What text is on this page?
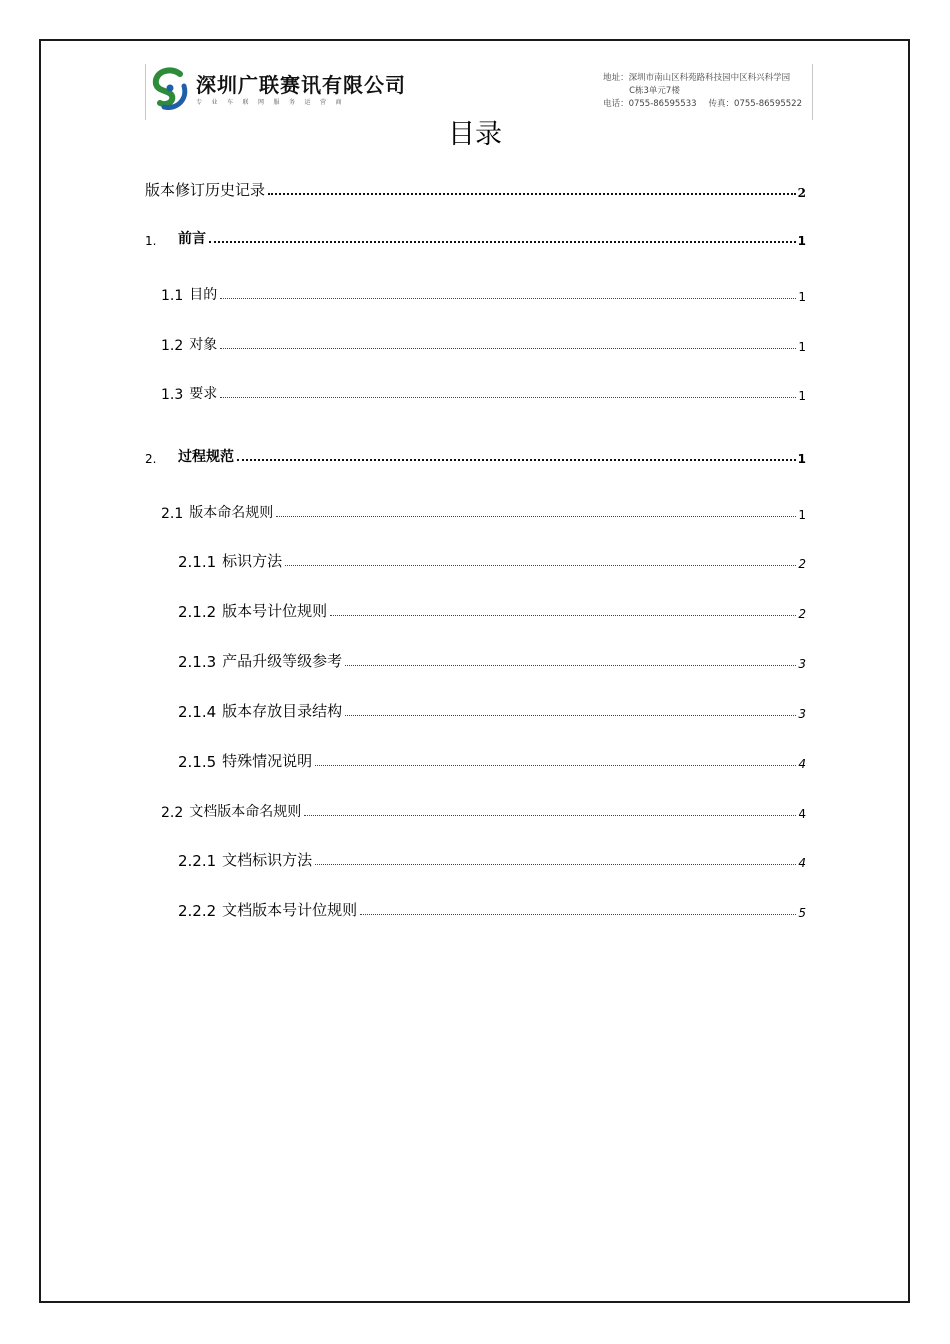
深圳广联赛讯有限公司
专业车联网服务运营商
地址：深圳市南山区科苑路科技园中区科兴科学园
C栋3单元7楼
电话：0755-86595533 传真：0755-86595522
目录
版本修订历史记录	2
1.	前言	1
1.1 目的	1
1.2 对象	1
1.3 要求	1
2.	过程规范	1
2.1 版本命名规则	1
2.1.1 标识方法	2
2.1.2 版本号计位规则	2
2.1.3 产品升级等级参考	3
2.1.4 版本存放目录结构	3
2.1.5 特殊情况说明	4
2.2 文档版本命名规则	4
2.2.1 文档标识方法	4
2.2.2 文档版本号计位规则	5
